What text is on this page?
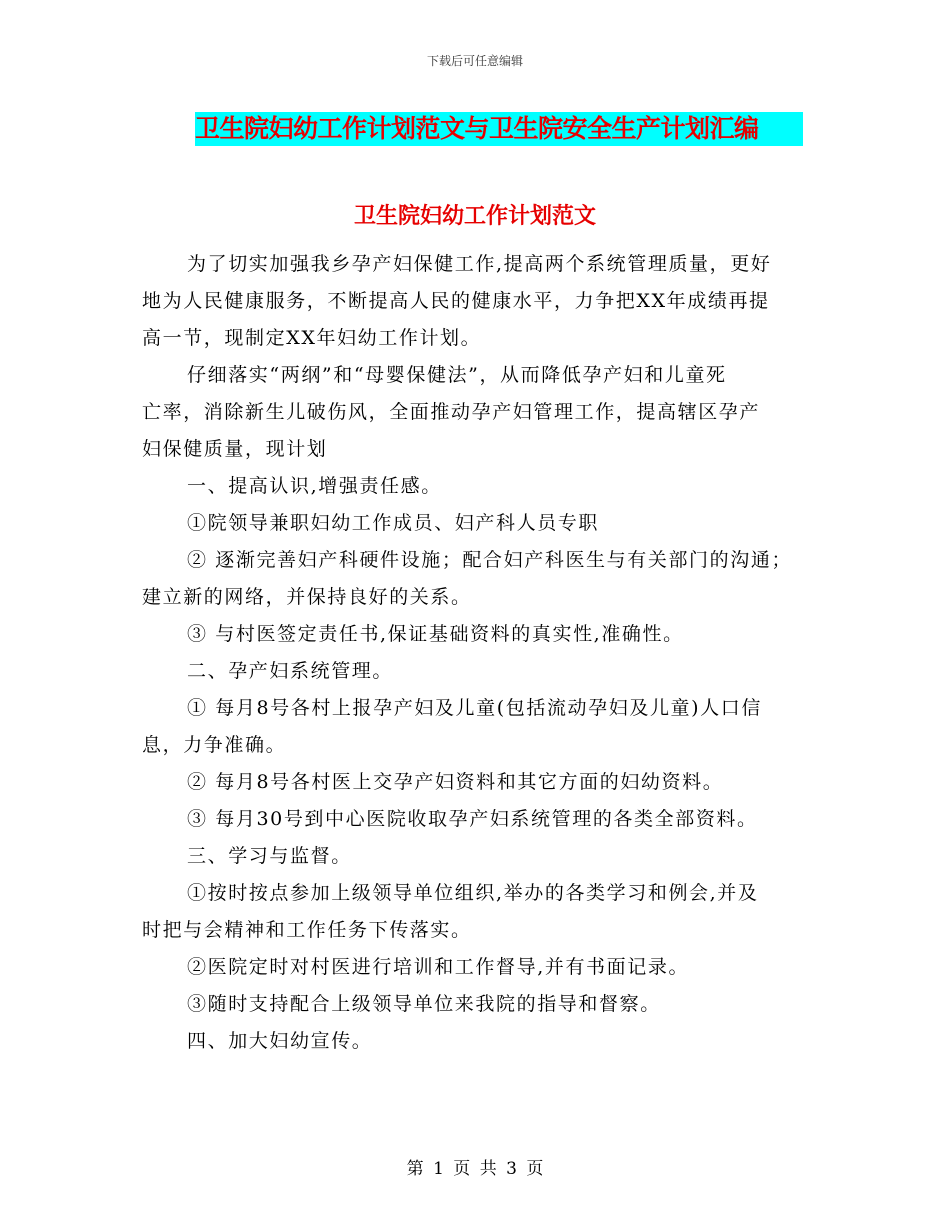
下载后可任意编辑
卫生院妇幼工作计划范文与卫生院安全生产计划汇编
卫生院妇幼工作计划范文
为了切实加强我乡孕产妇保健工作,提高两个系统管理质量，更好
地为人民健康服务，不断提高人民的健康水平，力争把XX年成绩再提
高一节，现制定XX年妇幼工作计划。
仔细落实“两纲”和“母婴保健法”，从而降低孕产妇和儿童死
亡率，消除新生儿破伤风，全面推动孕产妇管理工作，提高辖区孕产
妇保健质量，现计划
一、提高认识,增强责任感。
①院领导兼职妇幼工作成员、妇产科人员专职
② 逐渐完善妇产科硬件设施；配合妇产科医生与有关部门的沟通；
建立新的网络，并保持良好的关系。
③ 与村医签定责任书,保证基础资料的真实性,准确性。
二、孕产妇系统管理。
① 每月8号各村上报孕产妇及儿童(包括流动孕妇及儿童)人口信
息，力争准确。
② 每月8号各村医上交孕产妇资料和其它方面的妇幼资料。
③ 每月30号到中心医院收取孕产妇系统管理的各类全部资料。
三、学习与监督。
①按时按点参加上级领导单位组织,举办的各类学习和例会,并及
时把与会精神和工作任务下传落实。
②医院定时对村医进行培训和工作督导,并有书面记录。
③随时支持配合上级领导单位来我院的指导和督察。
四、加大妇幼宣传。
第 1 页 共 3 页
